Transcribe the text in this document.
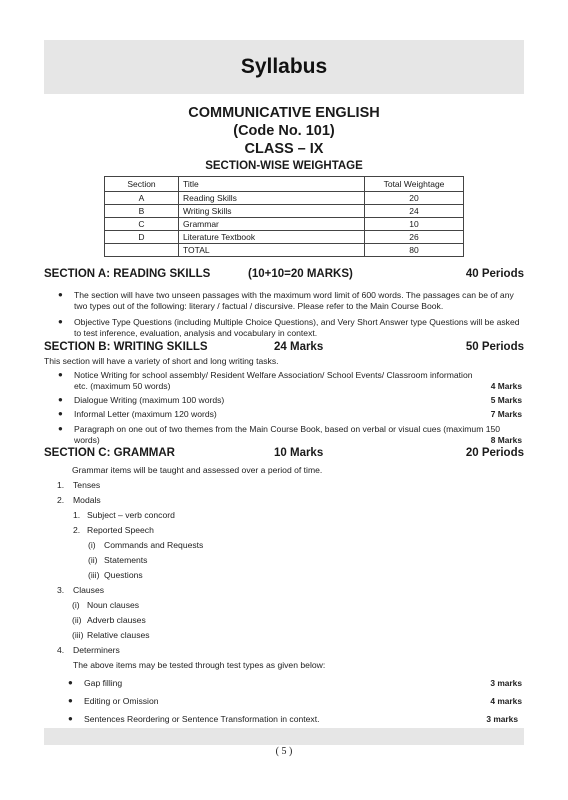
Syllabus
COMMUNICATIVE ENGLISH
(Code No. 101)
CLASS – IX
SECTION-WISE WEIGHTAGE
Section	Title	Total Weightage
A	Reading Skills	20
B	Writing Skills	24
C	Grammar	10
D	Literature Textbook	26
	TOTAL	80
SECTION A: READING SKILLS	(10+10=20 MARKS)	40 Periods
● The section will have two unseen passages with the maximum word limit of 600 words. The passages can be of any two types out of the following: literary / factual / discursive. Please refer to the Main Course Book.
● Objective Type Questions (including Multiple Choice Questions), and Very Short Answer type Questions will be asked to test inference, evaluation, analysis and vocabulary in context.
SECTION B: WRITING SKILLS	24 Marks	50 Periods
This section will have a variety of short and long writing tasks.
● Notice Writing for school assembly/ Resident Welfare Association/ School Events/ Classroom information etc. (maximum 50 words)	4 Marks
● Dialogue Writing (maximum 100 words)	5 Marks
● Informal Letter (maximum 120 words)	7 Marks
● Paragraph on one out of two themes from the Main Course Book, based on verbal or visual cues (maximum 150 words)	8 Marks
SECTION C: GRAMMAR	10 Marks	20 Periods
Grammar items will be taught and assessed over a period of time.
1. Tenses
2. Modals
1. Subject – verb concord
2. Reported Speech
(i) Commands and Requests
(ii) Statements
(iii) Questions
3. Clauses
(i) Noun clauses
(ii) Adverb clauses
(iii) Relative clauses
4. Determiners
The above items may be tested through test types as given below:
● Gap filling	3 marks
● Editing or Omission	4 marks
● Sentences Reordering or Sentence Transformation in context.	3 marks
( 5 )
